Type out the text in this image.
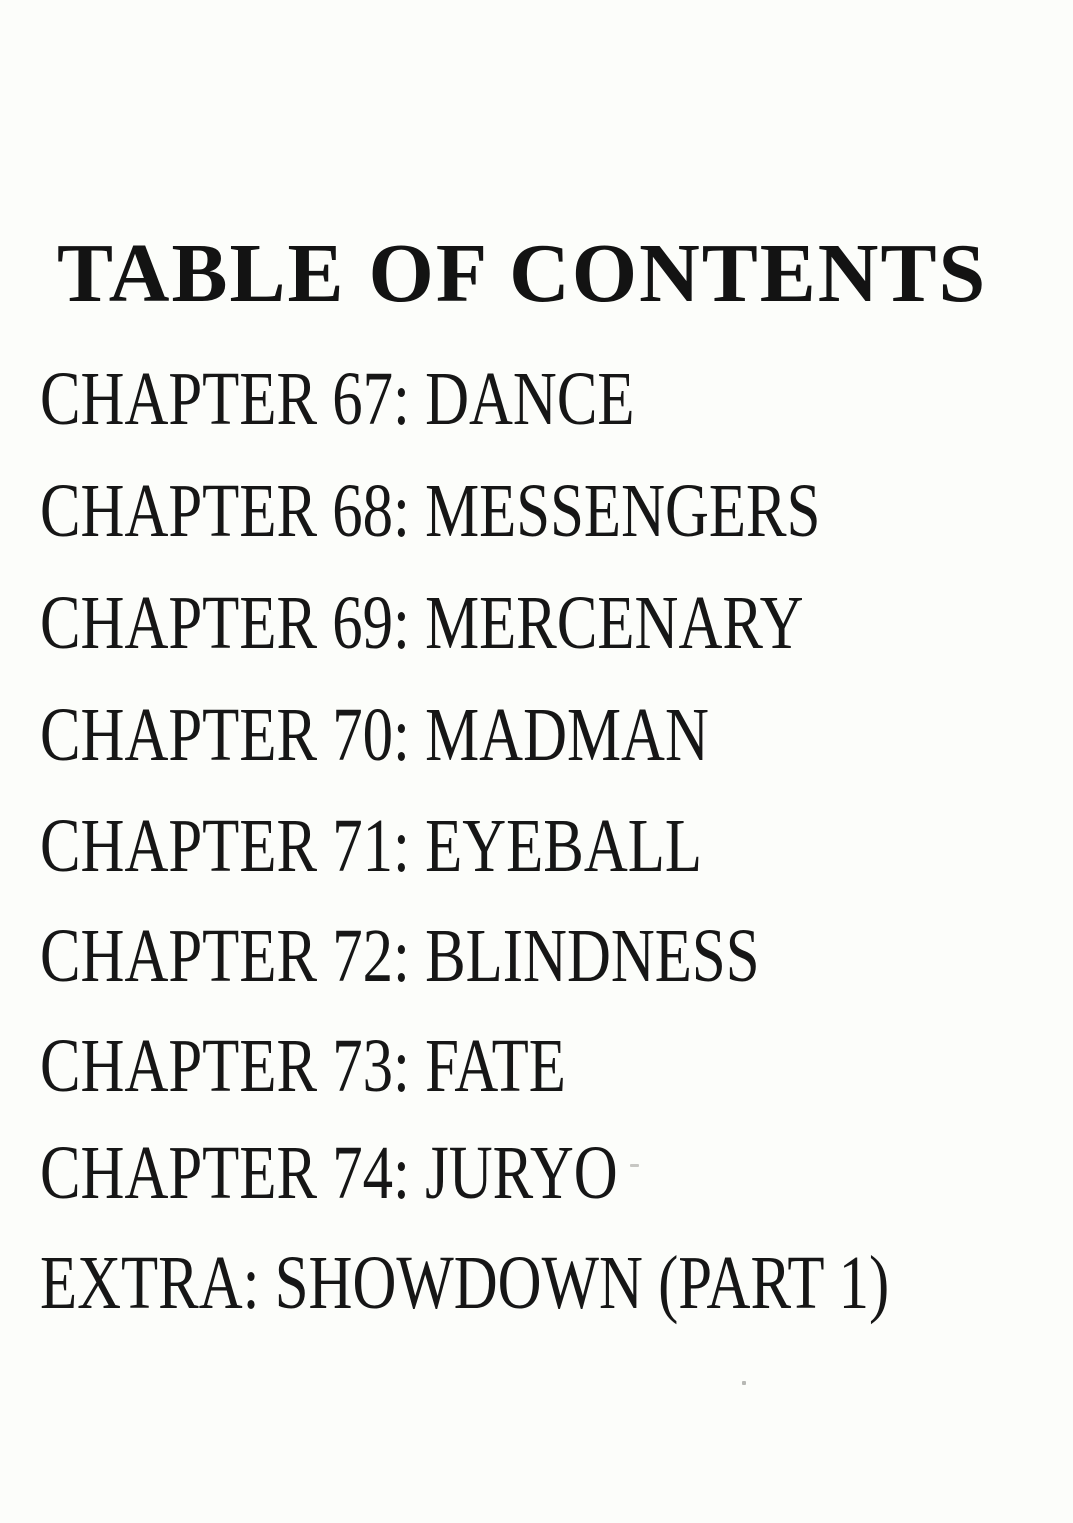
TABLE OF CONTENTS
CHAPTER 67: DANCE
CHAPTER 68: MESSENGERS
CHAPTER 69: MERCENARY
CHAPTER 70: MADMAN
CHAPTER 71: EYEBALL
CHAPTER 72: BLINDNESS
CHAPTER 73: FATE
CHAPTER 74: JURYO
EXTRA: SHOWDOWN (PART 1)
